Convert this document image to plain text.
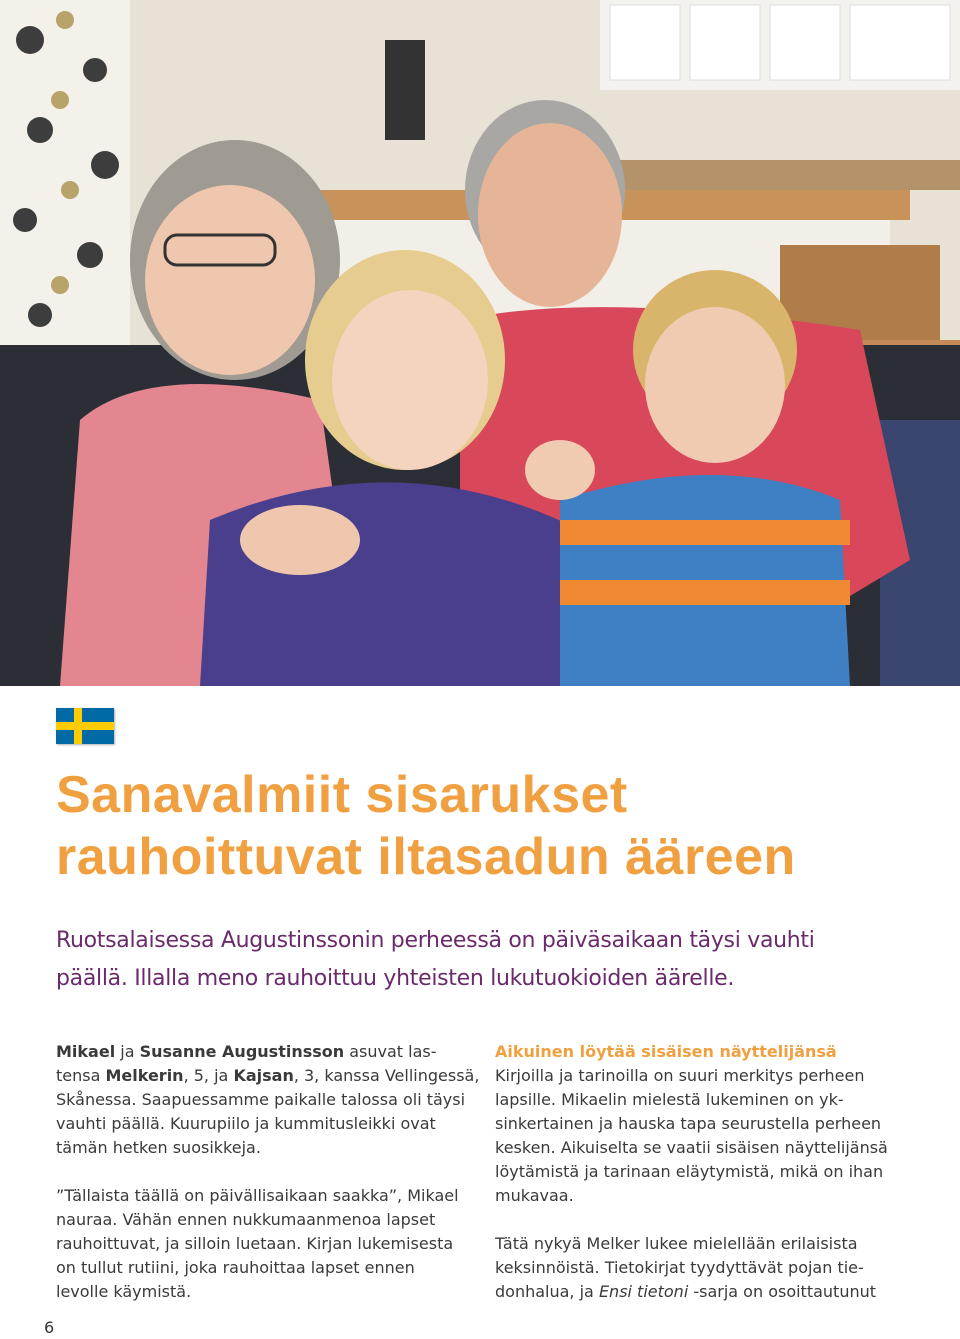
Sanavalmiit sisarukset
rauhoittuvat iltasadun ääreen
Ruotsalaisessa Augustinssonin perheessä on päiväsaikaan täysi vauhti
päällä. Illalla meno rauhoittuu yhteisten lukutuokioiden äärelle.
Mikael ja Susanne Augustinsson asuvat las-
tensa Melkerin, 5, ja Kajsan, 3, kanssa Vellingessä,
Skånessa. Saapuessamme paikalle talossa oli täysi
vauhti päällä. Kuurupiilo ja kummitusleikki ovat
tämän hetken suosikkeja.
”Tällaista täällä on päivällisaikaan saakka”, Mikael
nauraa. Vähän ennen nukkumaanmenoa lapset
rauhoittuvat, ja silloin luetaan. Kirjan lukemisesta
on tullut rutiini, joka rauhoittaa lapset ennen
levolle käymistä.
Aikuinen löytää sisäisen näyttelijänsä
Kirjoilla ja tarinoilla on suuri merkitys perheen
lapsille. Mikaelin mielestä lukeminen on yk-
sinkertainen ja hauska tapa seurustella perheen
kesken. Aikuiselta se vaatii sisäisen näyttelijänsä
löytämistä ja tarinaan eläytymistä, mikä on ihan
mukavaa.
Tätä nykyä Melker lukee mielellään erilaisista
keksinnöistä. Tietokirjat tyydyttävät pojan tie-
donhalua, ja Ensi tietoni -sarja on osoittautunut
6
